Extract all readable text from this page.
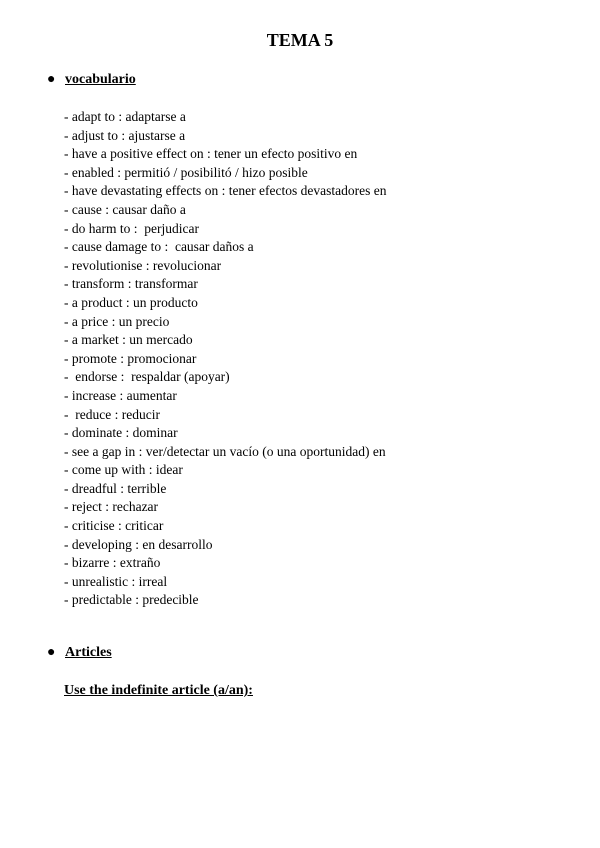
TEMA 5
● vocabulario
- adapt to : adaptarse a
- adjust to : ajustarse a
- have a positive effect on : tener un efecto positivo en
- enabled : permitió / posibilitó / hizo posible
- have devastating effects on : tener efectos devastadores en
- cause : causar daño a
- do harm to :  perjudicar
- cause damage to :  causar daños a
- revolutionise : revolucionar
- transform : transformar
- a product : un producto
- a price : un precio
- a market : un mercado
- promote : promocionar
-  endorse :  respaldar (apoyar)
- increase : aumentar
-  reduce : reducir
- dominate : dominar
- see a gap in : ver/detectar un vacío (o una oportunidad) en
- come up with : idear
- dreadful : terrible
- reject : rechazar
- criticise : criticar
- developing : en desarrollo
- bizarre : extraño
- unrealistic : irreal
- predictable : predecible
● Articles
Use the indefinite article (a/an):
